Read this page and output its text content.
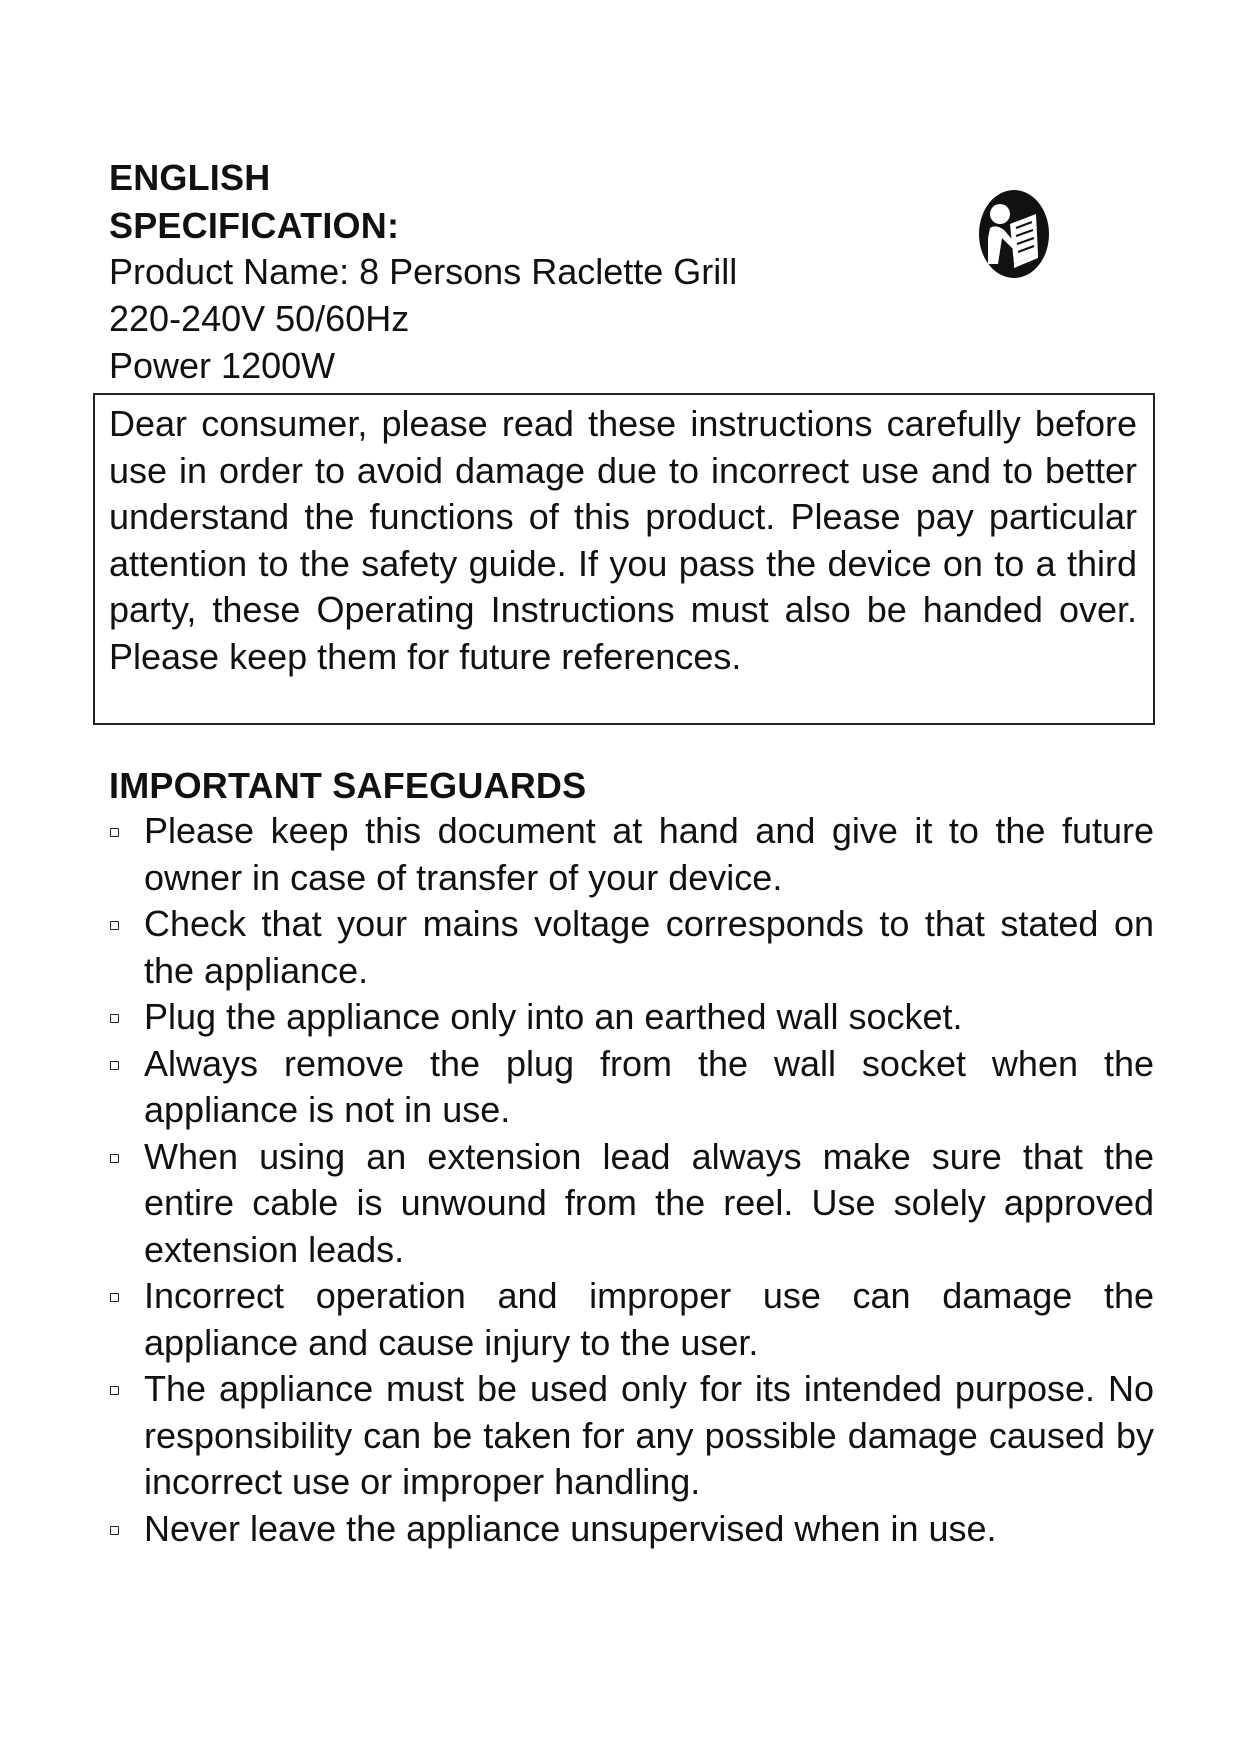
ENGLISH
SPECIFICATION:
Product Name: 8 Persons Raclette Grill
220-240V 50/60Hz
Power 1200W
Dear consumer, please read these instructions carefully before use in order to avoid damage due to incorrect use and to better understand the functions of this product. Please pay particular attention to the safety guide. If you pass the device on to a third party, these Operating Instructions must also be handed over. Please keep them for future references.
IMPORTANT SAFEGUARDS
Please keep this document at hand and give it to the future owner in case of transfer of your device.
Check that your mains voltage corresponds to that stated on the appliance.
Plug the appliance only into an earthed wall socket.
Always remove the plug from the wall socket when the appliance is not in use.
When using an extension lead always make sure that the entire cable is unwound from the reel. Use solely approved extension leads.
Incorrect operation and improper use can damage the appliance and cause injury to the user.
The appliance must be used only for its intended purpose. No responsibility can be taken for any possible damage caused by incorrect use or improper handling.
Never leave the appliance unsupervised when in use.
